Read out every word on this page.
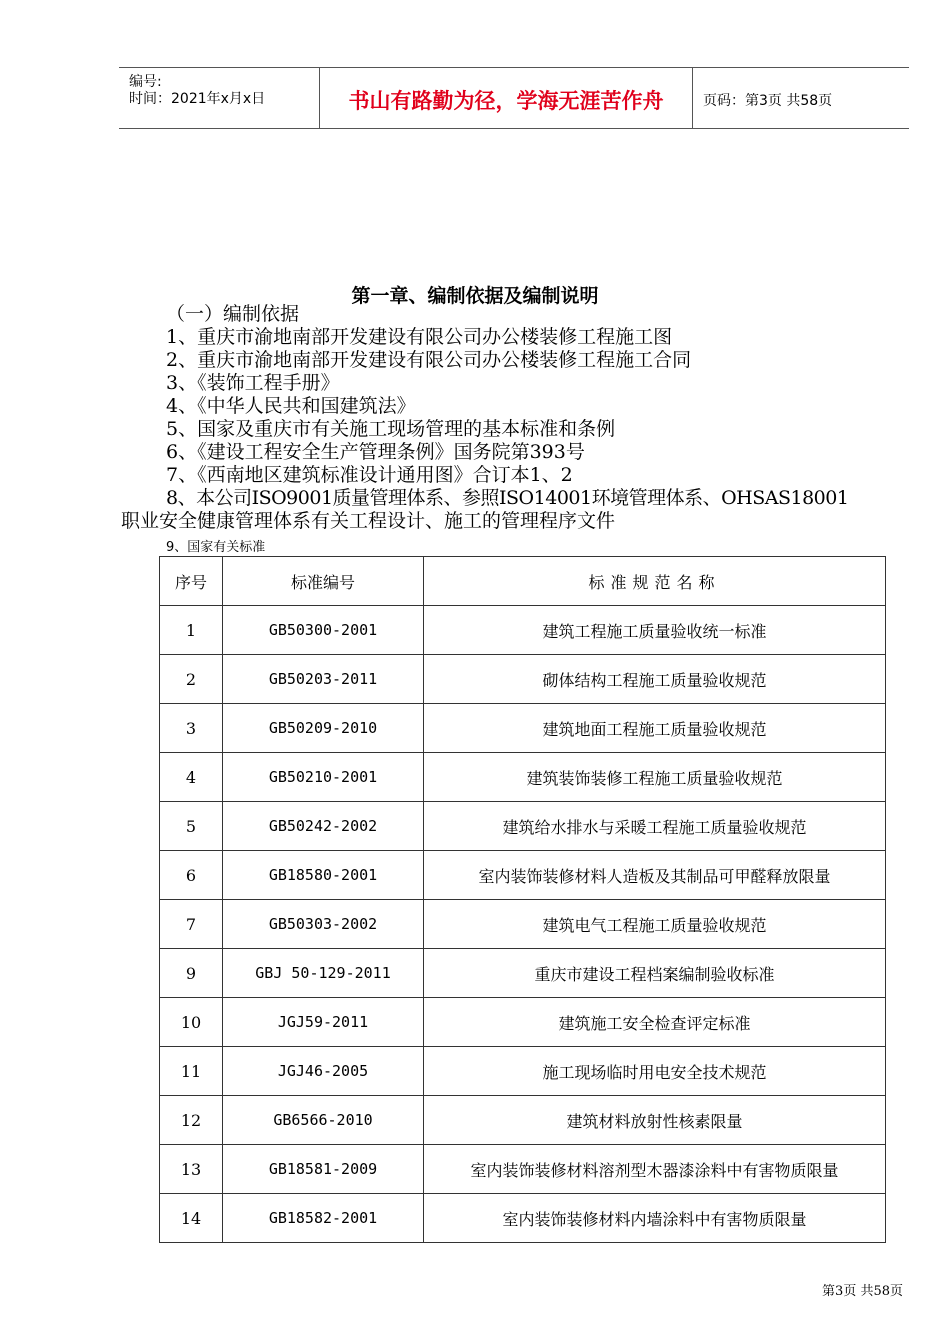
编号:
时间：2021年x月x日	书山有路勤为径，学海无涯苦作舟	页码：第3页 共58页
第一章、编制依据及编制说明
（一）编制依据
1、重庆市渝地南部开发建设有限公司办公楼装修工程施工图
2、重庆市渝地南部开发建设有限公司办公楼装修工程施工合同
3、《装饰工程手册》
4、《中华人民共和国建筑法》
5、国家及重庆市有关施工现场管理的基本标准和条例
6、《建设工程安全生产管理条例》国务院第393号
7、《西南地区建筑标准设计通用图》合订本1、2
8、本公司ISO9001质量管理体系、参照ISO14001环境管理体系、OHSAS18001
职业安全健康管理体系有关工程设计、施工的管理程序文件
9、国家有关标准
序号	标准编号	标准规范名称
1	GB50300-2001	建筑工程施工质量验收统一标准
2	GB50203-2011	砌体结构工程施工质量验收规范
3	GB50209-2010	建筑地面工程施工质量验收规范
4	GB50210-2001	建筑装饰装修工程施工质量验收规范
5	GB50242-2002	建筑给水排水与采暖工程施工质量验收规范
6	GB18580-2001	室内装饰装修材料人造板及其制品可甲醛释放限量
7	GB50303-2002	建筑电气工程施工质量验收规范
9	GBJ 50-129-2011	重庆市建设工程档案编制验收标准
10	JGJ59-2011	建筑施工安全检查评定标准
11	JGJ46-2005	施工现场临时用电安全技术规范
12	GB6566-2010	建筑材料放射性核素限量
13	GB18581-2009	室内装饰装修材料溶剂型木器漆涂料中有害物质限量
14	GB18582-2001	室内装饰装修材料内墙涂料中有害物质限量
第3页 共58页
